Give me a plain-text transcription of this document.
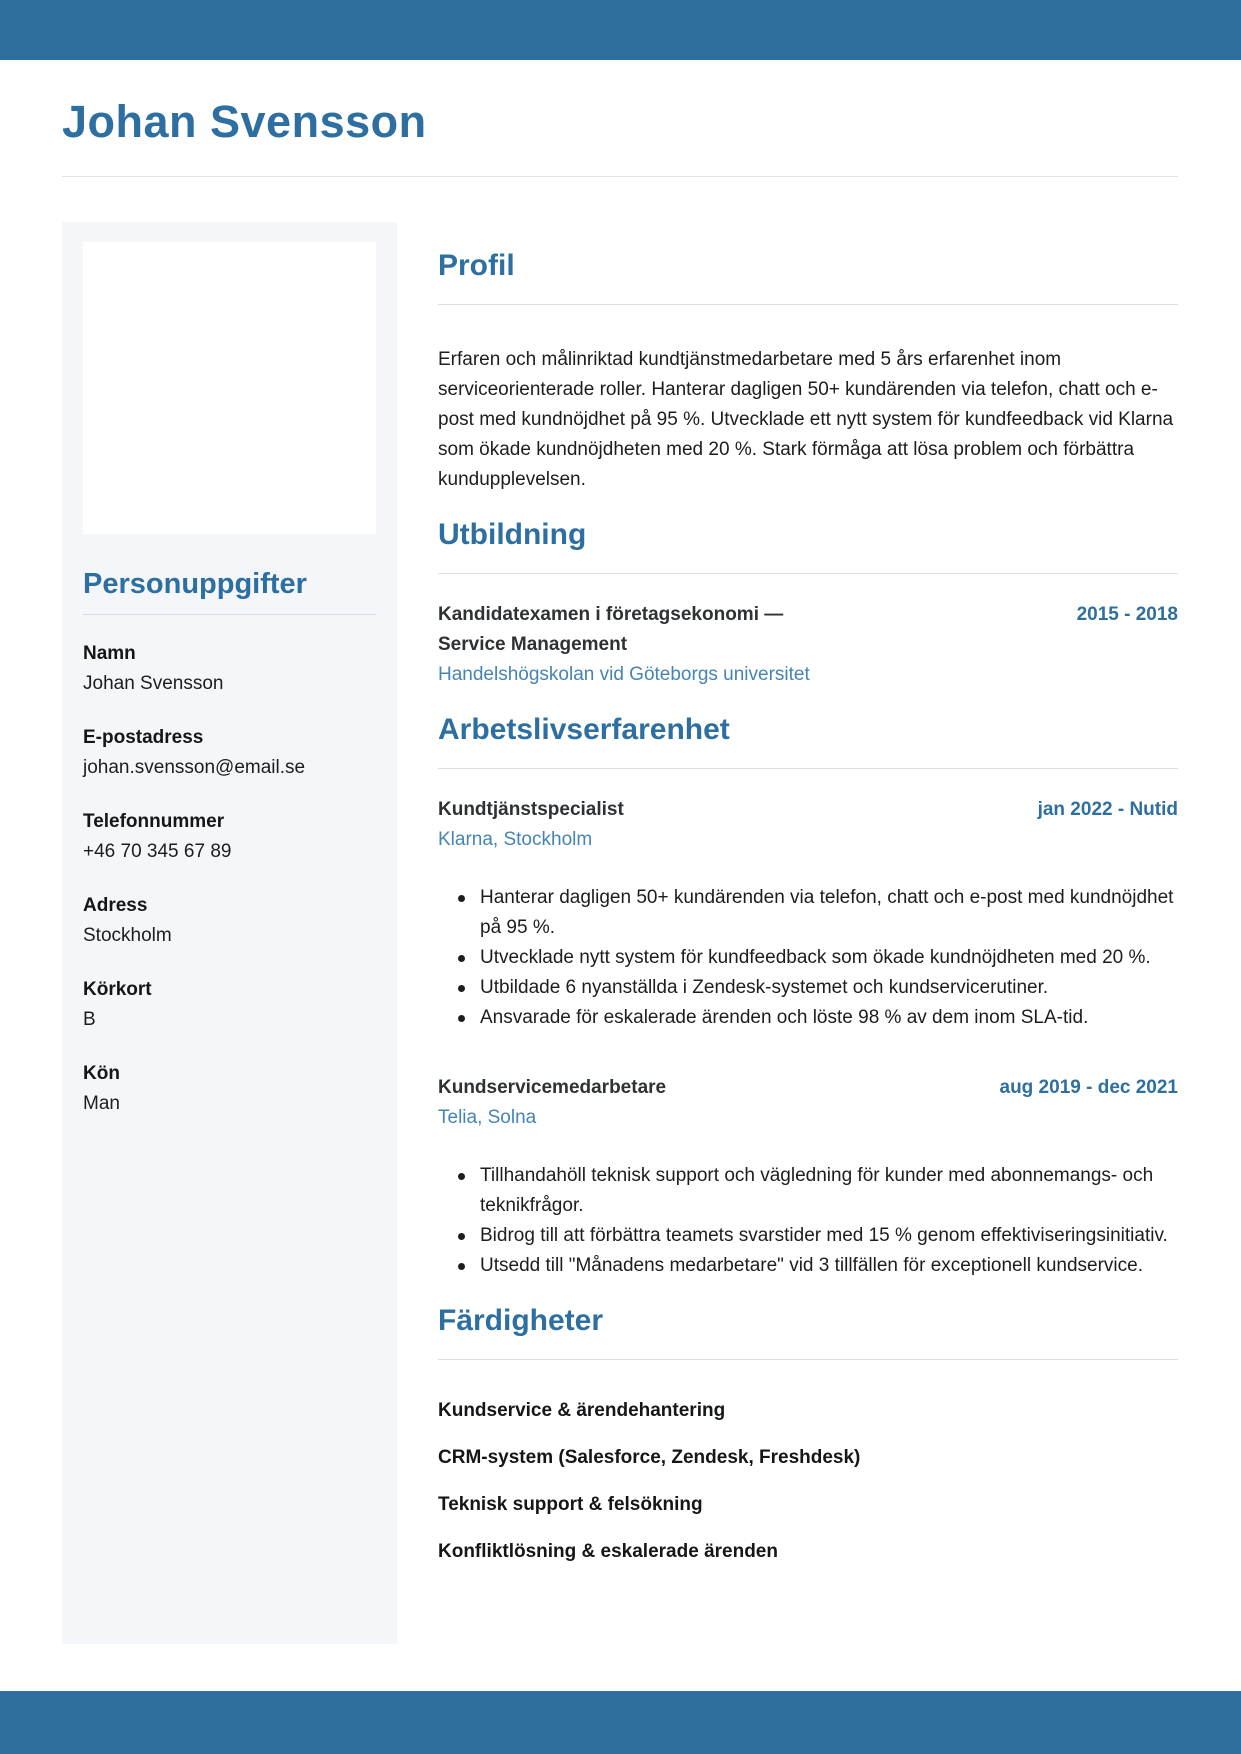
Johan Svensson
Personuppgifter
Namn
Johan Svensson
E-postadress
johan.svensson@email.se
Telefonnummer
+46 70 345 67 89
Adress
Stockholm
Körkort
B
Kön
Man
Profil

Erfaren och målinriktad kundtjänstmedarbetare med 5 års erfarenhet inom serviceorienterade roller. Hanterar dagligen 50+ kundärenden via telefon, chatt och e-post med kundnöjdhet på 95 %. Utvecklade ett nytt system för kundfeedback vid Klarna som ökade kundnöjdheten med 20 %. Stark förmåga att lösa problem och förbättra kundupplevelsen.

Utbildning
Kandidatexamen i företagsekonomi — Service Management
2015 - 2018
Handelshögskolan vid Göteborgs universitet
Arbetslivserfarenhet
Kundtjänstspecialist	jan 2022 - Nutid
Klarna, Stockholm
Hanterar dagligen 50+ kundärenden via telefon, chatt och e-post med kundnöjdhet på 95 %.
Utvecklade nytt system för kundfeedback som ökade kundnöjdheten med 20 %.
Utbildade 6 nyanställda i Zendesk-systemet och kundservicerutiner.
Ansvarade för eskalerade ärenden och löste 98 % av dem inom SLA-tid.
Kundservicemedarbetare	aug 2019 - dec 2021
Telia, Solna
Tillhandahöll teknisk support och vägledning för kunder med abonnemangs- och teknikfrågor.
Bidrog till att förbättra teamets svarstider med 15 % genom effektiviseringsinitiativ.
Utsedd till "Månadens medarbetare" vid 3 tillfällen för exceptionell kundservice.
Färdigheter
Kundservice & ärendehantering
CRM-system (Salesforce, Zendesk, Freshdesk)
Teknisk support & felsökning
Konfliktlösning & eskalerade ärenden
